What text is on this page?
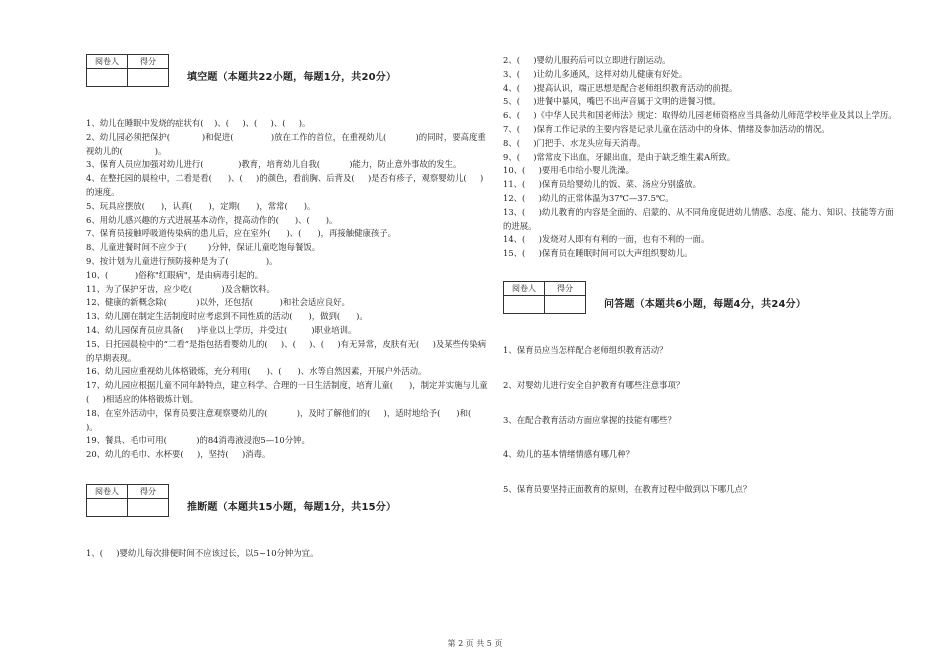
阅卷人	得分

填空题（本题共22小题，每题1分，共20分）
1、幼儿在睡眠中发烧的症状有(    )、(     )、(     )、(     )。
2、幼儿园必须把保护(            )和促进(              )放在工作的首位，在重视幼儿(           )的同时，要高度重视幼儿的(            )。
3、保育人员应加强对幼儿进行(             )教育，培育幼儿自我(           )能力，防止意外事故的发生。
4、在整托园的晨检中，二看是看(      )、(     )的颜色，看前胸、后背及(     )是否有疹子，观察婴幼儿(     )的速度。
5、玩具应摆放(      )，认真(      )，定期(      )，常常(      )。
6、用幼儿感兴趣的方式进展基本动作，提高动作的(      )、(      )。
7、保育员接触呼吸道传染病的患儿后，应在室外(      )、(      )，再接触健康孩子。
8、儿童进餐时间不应少于(        )分钟，保证儿童吃饱每餐饭。
9、按计划为儿童进行预防接种是为了(              )。
10、(          )俗称"红眼病"，是由病毒引起的。
11、为了保护牙齿，应少吃(           )及含糖饮料。
12、健康的新概念除(           )以外，还包括(          )和社会适应良好。
13、幼儿園在制定生活制度时应考虑到不同性质的活动(      )，做到(      )。
14、幼儿园保育员应具备(     )毕业以上学历，并受过(         )职业培训。
15、日托园晨检中的“二看”是指包括看婴幼儿的(     )、(     )、(     )有无异常，皮肤有无(     )及某些传染病的早期表现。
16、幼儿园应重视幼儿体格锻炼，充分利用(      )、(      )、水等自然因素，开展户外活动。
17、幼儿园应根据儿童不同年龄特点，建立科学、合理的一日生活制度，培育儿童(      )，制定并实施与儿童(     )相适应的体格锻炼计划。
18、在室外活动中，保育员要注意观察婴幼儿的(           )，及时了解他们的(     )，适时地给予(      )和(     )。
19、餐具、毛巾可用(           )的84消毒液浸泡5—10分钟。
20、幼儿的毛巾、水杯要(     )，坚持(     )消毒。
阅卷人	得分

推断题（本题共15小题，每题1分，共15分）
1、(     )婴幼儿每次排便时间不应该过长，以5~10分钟为宜。
2、(     )婴幼儿服药后可以立即进行剧运动。
3、(     )让幼儿多通风，这样对幼儿健康有好处。
4、(     )提高认识，端正思想是配合老师组织教育活动的前提。
5、(     )进餐中暴风，嘴巴不出声音属于文明的进餐习惯。
6、(     )《中华人民共和国老师法》规定：取得幼儿园老师资格应当具备幼儿师范学校毕业及其以上学历。
7、(     )保育工作记录的主要内容是记录儿童在活动中的身体、情绪及参加活动的情况。
8、(     )门把手、水龙头应每天消毒。
9、(     )常常皮下出血，牙龈出血，是由于缺乏维生素A所致。
10、(     )要用毛巾给小婴儿洗澡。
11、(     )保育员给婴幼儿的饭、菜、汤应分别盛放。
12、(     )幼儿的正常体温为37℃—37.5℃。
13、(     )幼儿教育的内容是全面的、启蒙的、从不同角度促进幼儿情感、态度、能力、知识、技能等方面的进展。
14、(     )发烧对人即有有利的一面，也有不利的一面。
15、(     )保育员在睡眠时间可以大声组织婴幼儿。
阅卷人	得分

问答题（本题共6小题，每题4分，共24分）
1、保育员应当怎样配合老师组织教育活动？
2、对婴幼儿进行安全自护教育有哪些注意事项？
3、在配合教育活动方面应掌握的技能有哪些？
4、幼儿的基本情绪情感有哪几种？
5、保育员要坚持正面教育的原则，在教育过程中做到以下哪几点？
第 2 页 共 5 页
